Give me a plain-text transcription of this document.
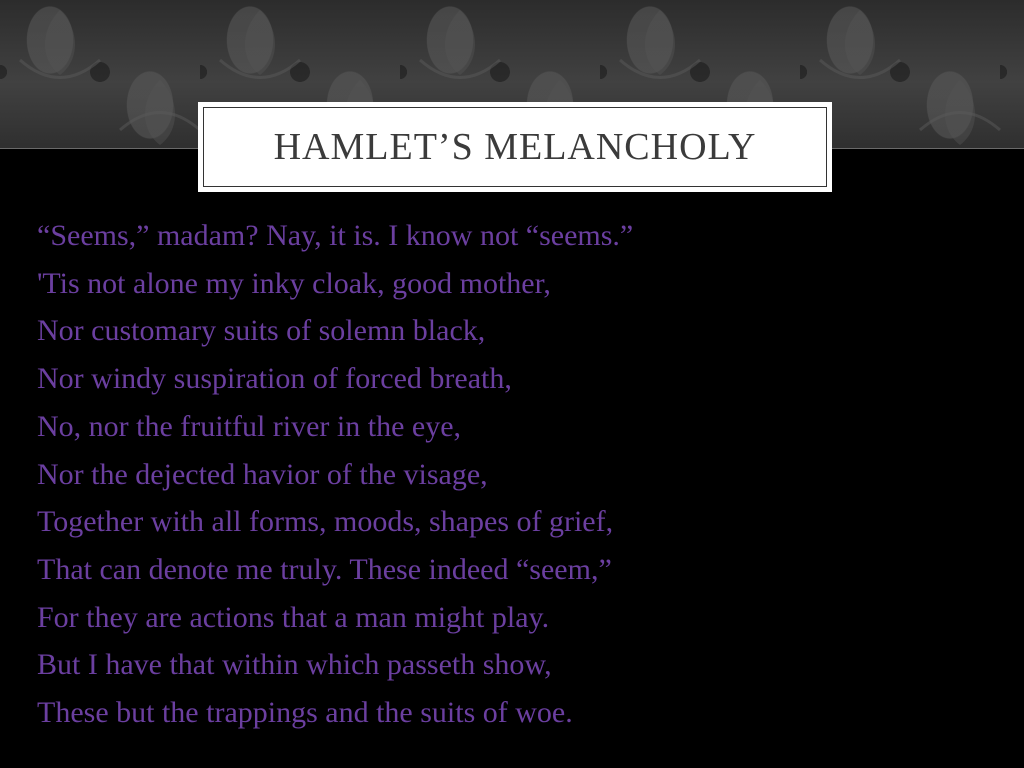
HAMLET’S MELANCHOLY
“Seems,” madam? Nay, it is. I know not “seems.”
'Tis not alone my inky cloak, good mother,
Nor customary suits of solemn black,
Nor windy suspiration of forced breath,
No, nor the fruitful river in the eye,
Nor the dejected havior of the visage,
Together with all forms, moods, shapes of grief,
That can denote me truly. These indeed “seem,”
For they are actions that a man might play.
But I have that within which passeth show,
These but the trappings and the suits of woe.
